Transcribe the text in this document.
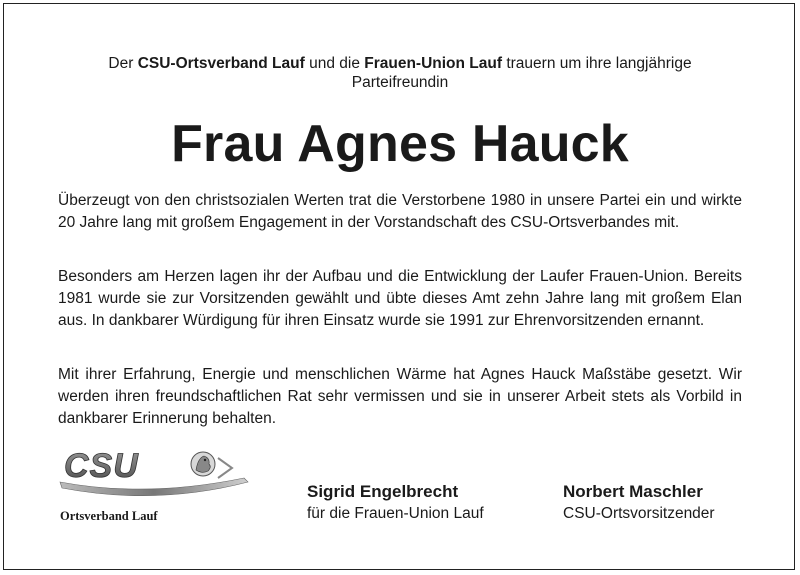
Der CSU-Ortsverband Lauf und die Frauen-Union Lauf trauern um ihre langjährige
Parteifreundin
Frau Agnes Hauck

Überzeugt von den christsozialen Werten trat die Verstorbene 1980 in unsere Partei ein und wirkte 20 Jahre lang mit großem Engagement in der Vorstandschaft des CSU-Ortsverbandes mit.

Besonders am Herzen lagen ihr der Aufbau und die Entwicklung der Laufer Frauen-Union. Bereits 1981 wurde sie zur Vorsitzenden gewählt und übte dieses Amt zehn Jahre lang mit großem Elan aus. In dankbarer Würdigung für ihren Einsatz wurde sie 1991 zur Ehrenvorsitzenden ernannt.

Mit ihrer Erfahrung, Energie und menschlichen Wärme hat Agnes Hauck Maßstäbe gesetzt. Wir werden ihren freundschaftlichen Rat sehr vermissen und sie in unserer Arbeit stets als Vorbild in dankbarer Erinnerung behalten.

CSU
Ortsverband Lauf
Sigrid Engelbrecht
für die Frauen-Union Lauf
Norbert Maschler
CSU-Ortsvorsitzender
